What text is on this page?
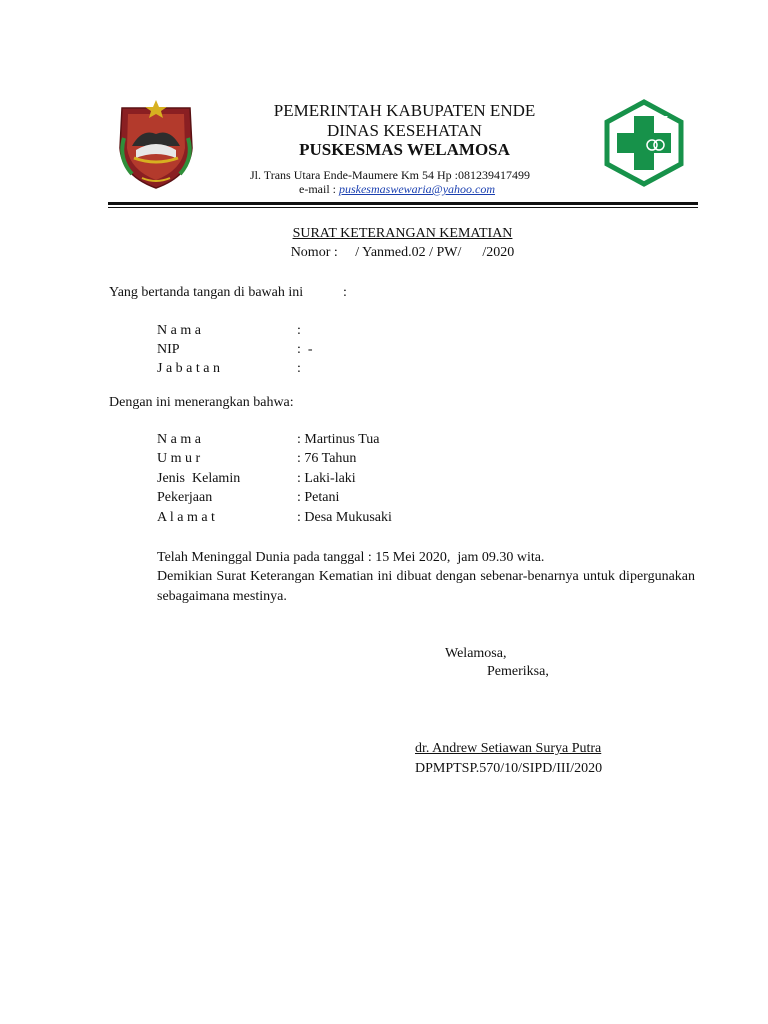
PEMERINTAH KABUPATEN ENDE
DINAS KESEHATAN
PUSKESMAS WELAMOSA
Jl. Trans Utara Ende-Maumere Km 54 Hp :081239417499
e-mail : puskesmaswewaria@yahoo.com
SURAT KETERANGAN KEMATIAN
Nomor :     / Yanmed.02 / PW/      /2020
Yang bertanda tangan di bawah ini	:
N a m a	:
NIP	:  -
J a b a t a n	:
Dengan ini menerangkan bahwa:
N a m a	: Martinus Tua
U m u r	: 76 Tahun
Jenis  Kelamin	: Laki-laki
Pekerjaan	: Petani
A l a m a t	: Desa Mukusaki
Telah Meninggal Dunia pada tanggal : 15 Mei 2020,  jam 09.30 wita.
Demikian Surat Keterangan Kematian ini dibuat dengan sebenar-benarnya untuk dipergunakan sebagaimana mestinya.
Welamosa,
Pemeriksa,
dr. Andrew Setiawan Surya Putra
DPMPTSP.570/10/SIPD/III/2020
